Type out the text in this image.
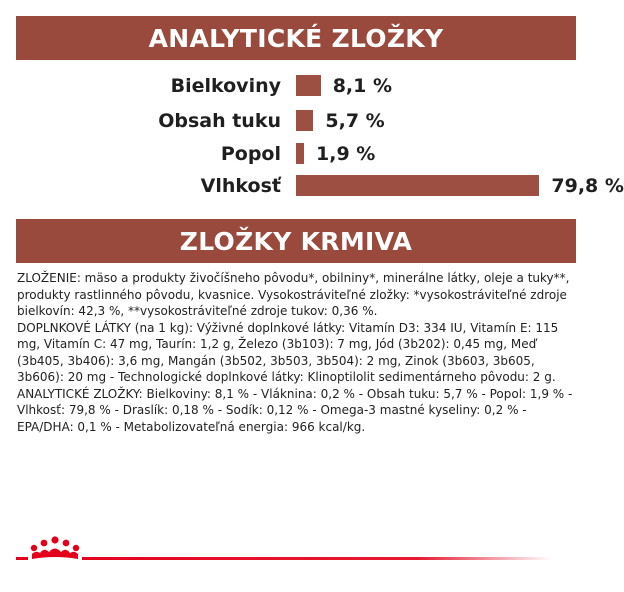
ANALYTICKÉ ZLOŽKY
Bielkoviny	8,1 %
Obsah tuku 5,7 %
Popol 1,9 %
Vlhkosť	79,8 %
ZLOŽKY KRMIVA

ZLOŽENIE: mäso a produkty živočíšneho pôvodu*, obilniny*, minerálne látky, oleje a tuky**, produkty rastlinného pôvodu, kvasnice. Vysokostráviteľné zložky: *vysokostráviteľné zdroje bielkovín: 42,3 %, **vysokostráviteľné zdroje tukov: 0,36 %.

DOPLNKOVÉ LÁTKY (na 1 kg): Výživné doplnkové látky: Vitamín D3: 334 IU, Vitamín E: 115 mg, Vitamín C: 47 mg, Taurín: 1,2 g, Železo (3b103): 7 mg, Jód (3b202): 0,45 mg, Meď (3b405, 3b406): 3,6 mg, Mangán (3b502, 3b503, 3b504): 2 mg, Zinok (3b603, 3b605, 3b606): 20 mg - Technologické doplnkové látky: Klinoptilolit sedimentárneho pôvodu: 2 g.

ANALYTICKÉ ZLOŽKY: Bielkoviny: 8,1 % - Vláknina: 0,2 % - Obsah tuku: 5,7 % - Popol: 1,9 % - Vlhkosť: 79,8 % - Draslík: 0,18 % - Sodík: 0,12 % - Omega-3 mastné kyseliny: 0,2 % - EPA/DHA: 0,1 % - Metabolizovateľná energia: 966 kcal/kg.
